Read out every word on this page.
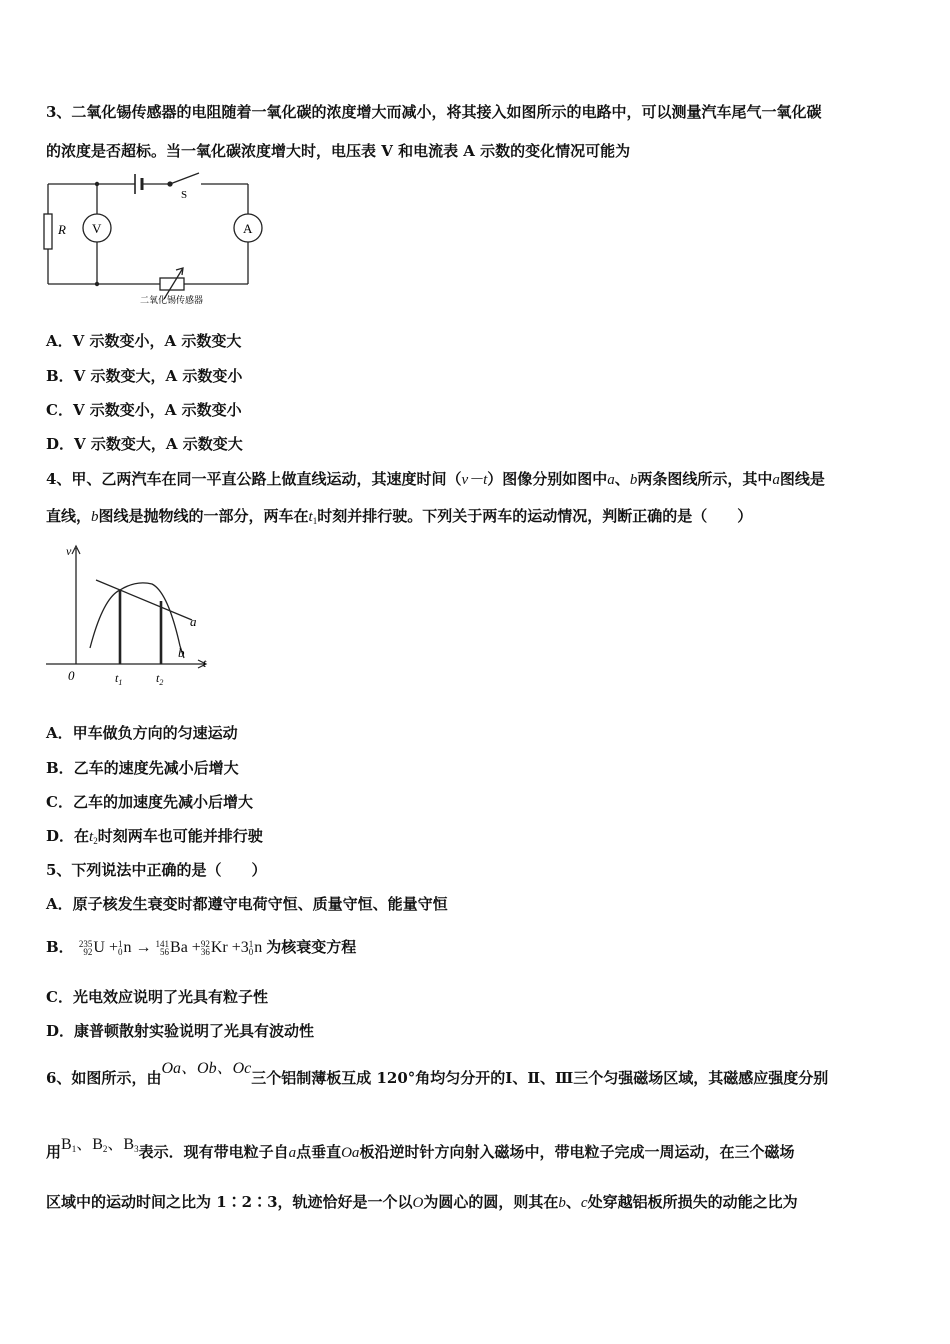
3、二氧化锡传感器的电阻随着一氧化碳的浓度增大而减小，将其接入如图所示的电路中，可以测量汽车尾气一氧化碳
的浓度是否超标。当一氧化碳浓度增大时，电压表 V 和电流表 A 示数的变化情况可能为
R V	A
S
二氧化锡传感器
A．V 示数变小，A 示数变大
B．V 示数变大，A 示数变小
C．V 示数变小，A 示数变小
D．V 示数变大，A 示数变大
4、甲、乙两汽车在同一平直公路上做直线运动，其速度时间（v－t）图像分别如图中a、b两条图线所示，其中a图线是
直线，b图线是抛物线的一部分，两车在$t_1$时刻并排行驶。下列关于两车的运动情况，判断正确的是（　　）
v
t
0	$t_1$	$t_2$
a
b
A．甲车做负方向的匀速运动
B．乙车的速度先减小后增大
C．乙车的加速度先减小后增大
D．在$t_2$时刻两车也可能并排行驶
5、下列说法中正确的是（　　）
A．原子核发生衰变时都遵守电荷守恒、质量守恒、能量守恒
B． 235
92U +1
0n → 141
56Ba +92
36Kr +31
0n 为核衰变方程
C．光电效应说明了光具有粒子性
D．康普顿散射实验说明了光具有波动性
6、如图所示，由Oa、Ob、Oc三个铝制薄板互成 120°角均匀分开的Ⅰ、Ⅱ、Ⅲ三个匀强磁场区域，其磁感应强度分别
用$B_1$、$B_2$、$B_3$表示．现有带电粒子自a点垂直Oa板沿逆时针方向射入磁场中，带电粒子完成一周运动，在三个磁场
区域中的运动时间之比为 1∶2∶3，轨迹恰好是一个以O为圆心的圆，则其在b、c处穿越铝板所损失的动能之比为
